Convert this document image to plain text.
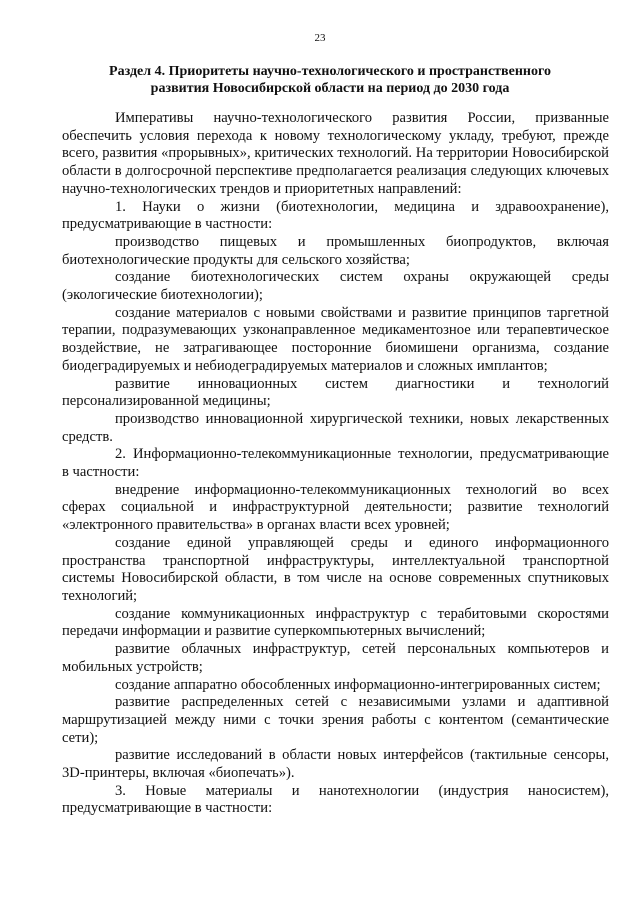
23
Раздел 4. Приоритеты научно-технологического и пространственного развития Новосибирской области на период до 2030 года

Императивы научно-технологического развития России, призванные обеспечить условия перехода к новому технологическому укладу, требуют, прежде всего, развития «прорывных», критических технологий. На территории Новосибирской области в долгосрочной перспективе предполагается реализация следующих ключевых научно-технологических трендов и приоритетных направлений:

1. Науки о жизни (биотехнологии, медицина и здравоохранение), предусматривающие в частности:

производство пищевых и промышленных биопродуктов, включая биотехнологические продукты для сельского хозяйства;

создание биотехнологических систем охраны окружающей среды (экологические биотехнологии);

создание материалов с новыми свойствами и развитие принципов таргетной терапии, подразумевающих узконаправленное медикаментозное или терапевтическое воздействие, не затрагивающее посторонние биомишени организма, создание биодеградируемых и небиодеградируемых материалов и сложных имплантов;

развитие инновационных систем диагностики и технологий персонализированной медицины;

производство инновационной хирургической техники, новых лекарственных средств.

2. Информационно-телекоммуникационные технологии, предусматривающие в частности:

внедрение информационно-телекоммуникационных технологий во всех сферах социальной и инфраструктурной деятельности; развитие технологий «электронного правительства» в органах власти всех уровней;

создание единой управляющей среды и единого информационного пространства транспортной инфраструктуры, интеллектуальной транспортной системы Новосибирской области, в том числе на основе современных спутниковых технологий;

создание коммуникационных инфраструктур с терабитовыми скоростями передачи информации и развитие суперкомпьютерных вычислений;

развитие облачных инфраструктур, сетей персональных компьютеров и мобильных устройств;

создание аппаратно обособленных информационно-интегрированных систем;

развитие распределенных сетей с независимыми узлами и адаптивной маршрутизацией между ними с точки зрения работы с контентом (семантические сети);

развитие исследований в области новых интерфейсов (тактильные сенсоры, 3D-принтеры, включая «биопечать»).

3. Новые материалы и нанотехнологии (индустрия наносистем), предусматривающие в частности:
